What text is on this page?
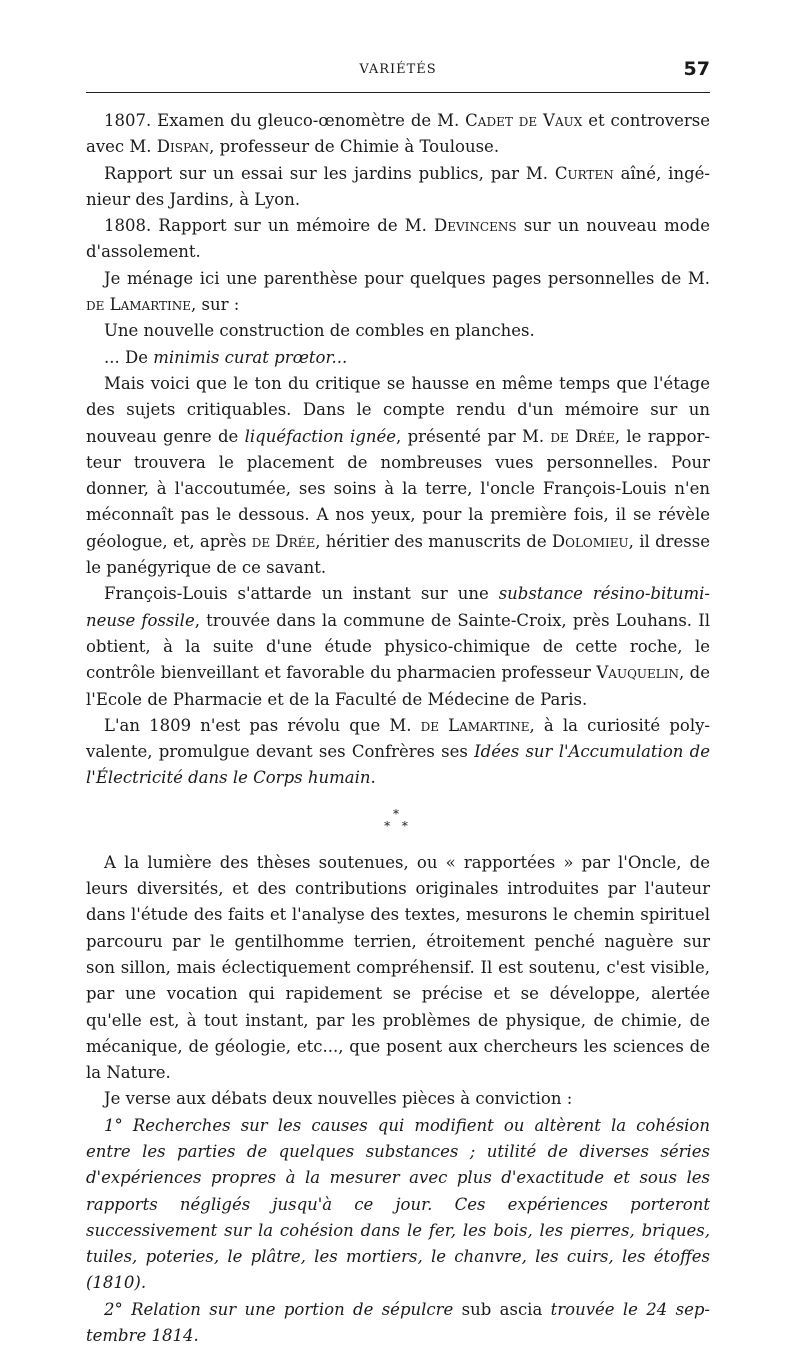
VARIÉTÉS	57

1807. Examen du gleuco-œnomètre de M. Cadet de Vaux et controverse avec M. Dispan, professeur de Chimie à Toulouse.

Rapport sur un essai sur les jardins publics, par M. Curten aîné, ingénieur des Jardins, à Lyon.

1808. Rapport sur un mémoire de M. Devincens sur un nouveau mode d'assolement.

Je ménage ici une parenthèse pour quelques pages personnelles de M. de Lamartine, sur :

Une nouvelle construction de combles en planches.

... De minimis curat prœtor...

Mais voici que le ton du critique se hausse en même temps que l'étage des sujets critiquables. Dans le compte rendu d'un mémoire sur un nouveau genre de liquéfaction ignée, présenté par M. de Drée, le rapporteur trouvera le placement de nombreuses vues personnelles. Pour donner, à l'accoutumée, ses soins à la terre, l'oncle François-Louis n'en méconnaît pas le dessous. A nos yeux, pour la première fois, il se révèle géologue, et, après de Drée, héritier des manuscrits de Dolomieu, il dresse le panégyrique de ce savant.

François-Louis s'attarde un instant sur une substance résino-bitumineuse fossile, trouvée dans la commune de Sainte-Croix, près Louhans. Il obtient, à la suite d'une étude physico-chimique de cette roche, le contrôle bienveillant et favorable du pharmacien professeur Vauquelin, de l'Ecole de Pharmacie et de la Faculté de Médecine de Paris.

L'an 1809 n'est pas révolu que M. de Lamartine, à la curiosité polyvalente, promulgue devant ses Confrères ses Idées sur l'Accumulation de l'Électricité dans le Corps humain.

*
* *

A la lumière des thèses soutenues, ou « rapportées » par l'Oncle, de leurs diversités, et des contributions originales introduites par l'auteur dans l'étude des faits et l'analyse des textes, mesurons le chemin spirituel parcouru par le gentilhomme terrien, étroitement penché naguère sur son sillon, mais éclectiquement compréhensif. Il est soutenu, c'est visible, par une vocation qui rapidement se précise et se développe, alertée qu'elle est, à tout instant, par les problèmes de physique, de chimie, de mécanique, de géologie, etc..., que posent aux chercheurs les sciences de la Nature.

Je verse aux débats deux nouvelles pièces à conviction :

1° Recherches sur les causes qui modifient ou altèrent la cohésion entre les parties de quelques substances ; utilité de diverses séries d'expériences propres à la mesurer avec plus d'exactitude et sous les rapports négligés jusqu'à ce jour. Ces expériences porteront successivement sur la cohésion dans le fer, les bois, les pierres, briques, tuiles, poteries, le plâtre, les mortiers, le chanvre, les cuirs, les étoffes (1810).

2° Relation sur une portion de sépulcre sub ascia trouvée le 24 septembre 1814.
